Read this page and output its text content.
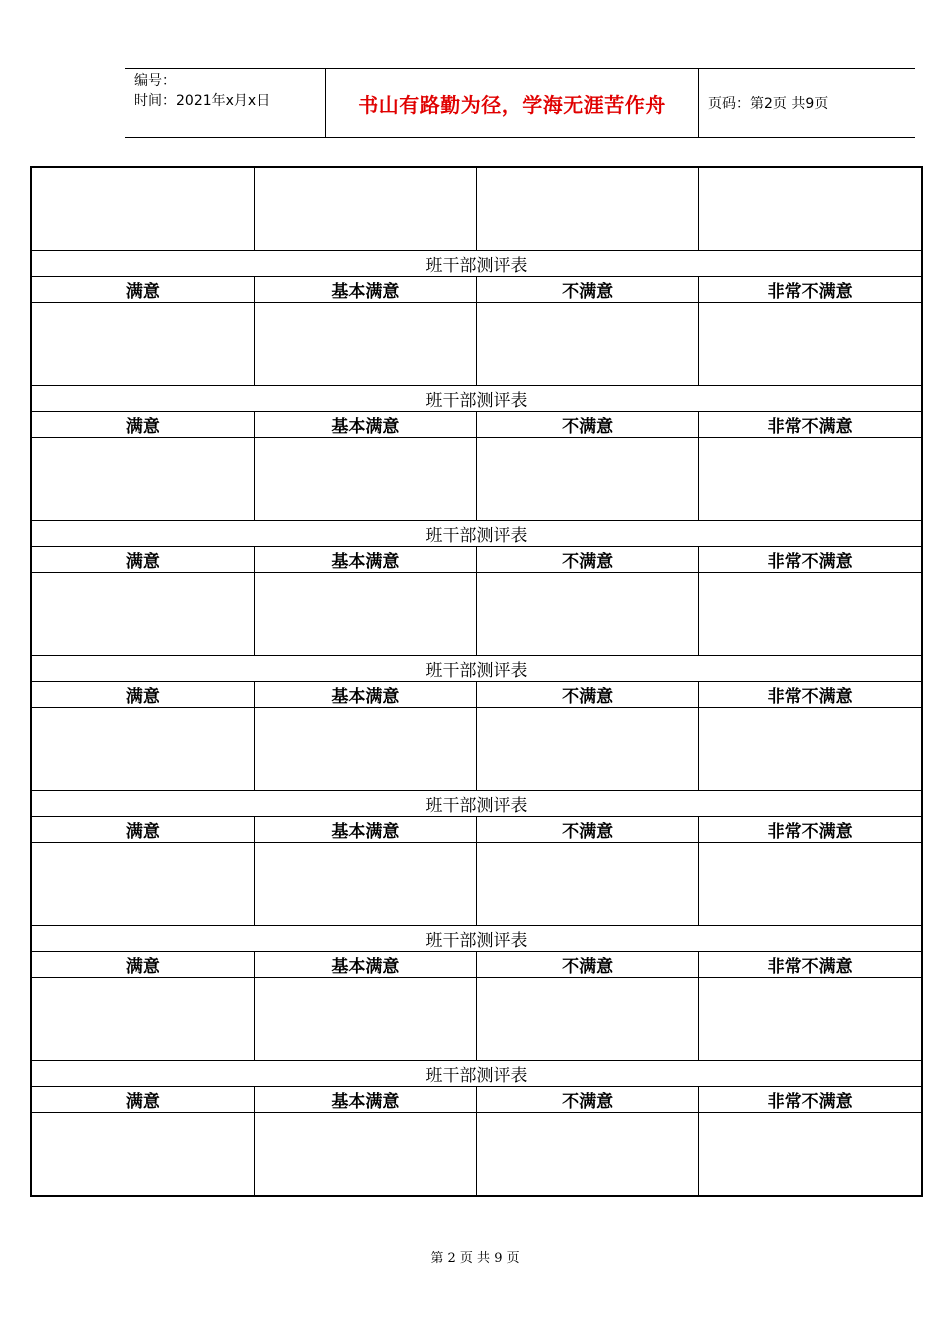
编号：
时间：2021年x月x日	书山有路勤为径，学海无涯苦作舟	页码：第2页 共9页

班干部测评表			
满意	基本满意	不满意	非常不满意

班干部测评表			
满意	基本满意	不满意	非常不满意

班干部测评表			
满意	基本满意	不满意	非常不满意

班干部测评表			
满意	基本满意	不满意	非常不满意

班干部测评表			
满意	基本满意	不满意	非常不满意

班干部测评表			
满意	基本满意	不满意	非常不满意

班干部测评表			
满意	基本满意	不满意	非常不满意

第 2 页 共 9 页
